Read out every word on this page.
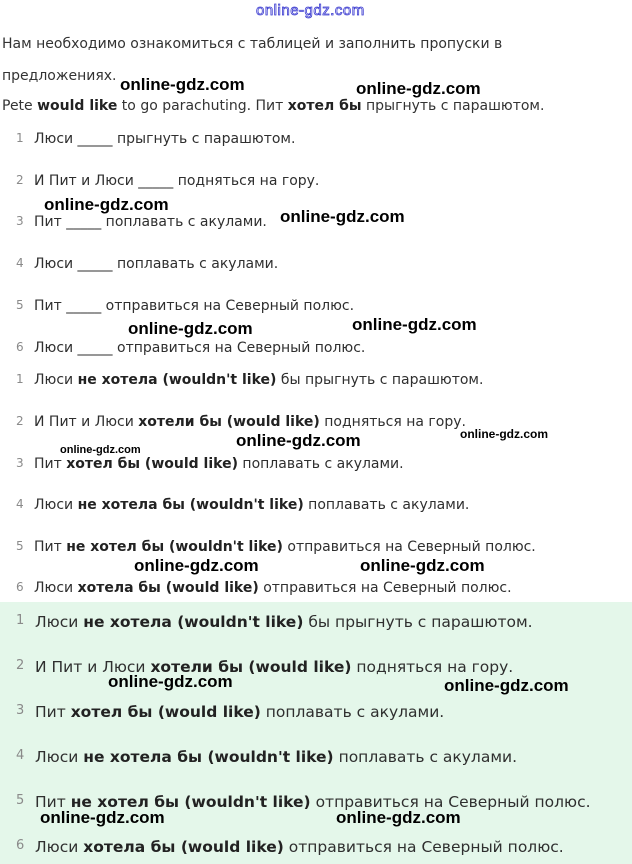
online-gdz.com
Нам необходимо ознакомиться с таблицей и заполнить пропуски в
предложениях.
Pete would like to go parachuting. Пит хотел бы прыгнуть с парашютом.
1 Люси _____ прыгнуть с парашютом.
2 И Пит и Люси _____ подняться на гору.
3 Пит _____ поплавать с акулами.
4 Люси _____ поплавать с акулами.
5 Пит _____ отправиться на Северный полюс.
6 Люси _____ отправиться на Северный полюс.
1 Люси не хотела (wouldn't like) бы прыгнуть с парашютом.
2 И Пит и Люси хотели бы (would like) подняться на гору.
3 Пит хотел бы (would like) поплавать с акулами.
4 Люси не хотела бы (wouldn't like) поплавать с акулами.
5 Пит не хотел бы (wouldn't like) отправиться на Северный полюс.
6 Люси хотела бы (would like) отправиться на Северный полюс.
1 Люси не хотела (wouldn't like) бы прыгнуть с парашютом.
2 И Пит и Люси хотели бы (would like) подняться на гору.
3 Пит хотел бы (would like) поплавать с акулами.
4 Люси не хотела бы (wouldn't like) поплавать с акулами.
5 Пит не хотел бы (wouldn't like) отправиться на Северный полюс.
6 Люси хотела бы (would like) отправиться на Северный полюс.
online-gdz.com	online-gdz.com
online-gdz.com
online-gdz.com
online-gdz.com	online-gdz.com
online-gdz.com	online-gdz.com	online-gdz.com
online-gdz.com	online-gdz.com
online-gdz.com	online-gdz.com
online-gdz.com	online-gdz.com
